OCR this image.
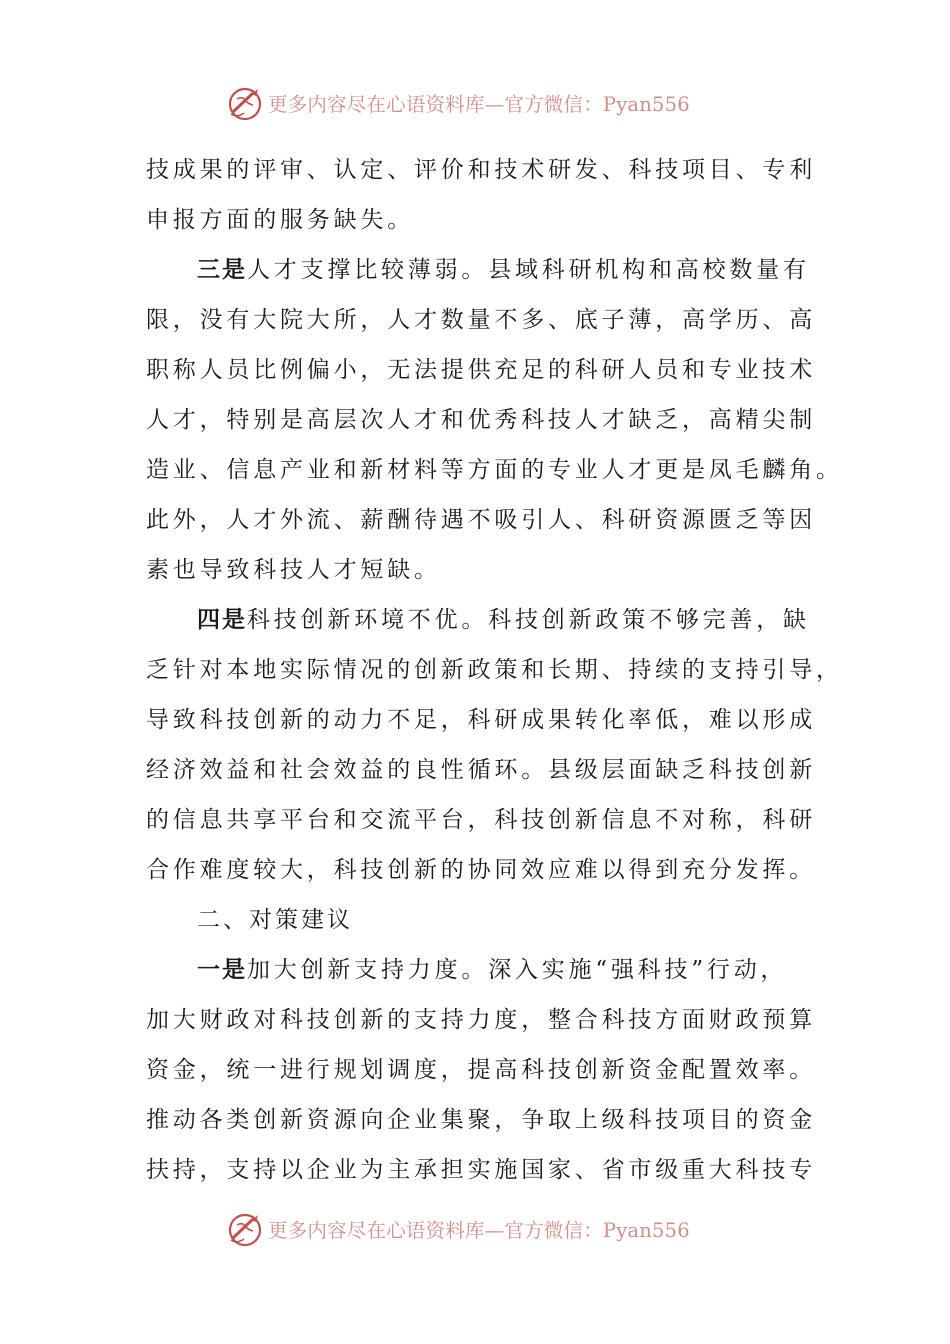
更多内容尽在心语资料库—官方微信：Pyan556

技成果的评审、认定、评价和技术研发、科技项目、专利

申报方面的服务缺失。

三是人才支撑比较薄弱。县域科研机构和高校数量有

限，没有大院大所，人才数量不多、底子薄，高学历、高

职称人员比例偏小，无法提供充足的科研人员和专业技术

人才，特别是高层次人才和优秀科技人才缺乏，高精尖制

造业、信息产业和新材料等方面的专业人才更是凤毛麟角。

此外，人才外流、薪酬待遇不吸引人、科研资源匮乏等因

素也导致科技人才短缺。

四是科技创新环境不优。科技创新政策不够完善，缺

乏针对本地实际情况的创新政策和长期、持续的支持引导，

导致科技创新的动力不足，科研成果转化率低，难以形成

经济效益和社会效益的良性循环。县级层面缺乏科技创新

的信息共享平台和交流平台，科技创新信息不对称，科研

合作难度较大，科技创新的协同效应难以得到充分发挥。

二、对策建议

一是加大创新支持力度。深入实施“强科技”行动，

加大财政对科技创新的支持力度，整合科技方面财政预算

资金，统一进行规划调度，提高科技创新资金配置效率。

推动各类创新资源向企业集聚，争取上级科技项目的资金

扶持，支持以企业为主承担实施国家、省市级重大科技专

更多内容尽在心语资料库—官方微信：Pyan556
